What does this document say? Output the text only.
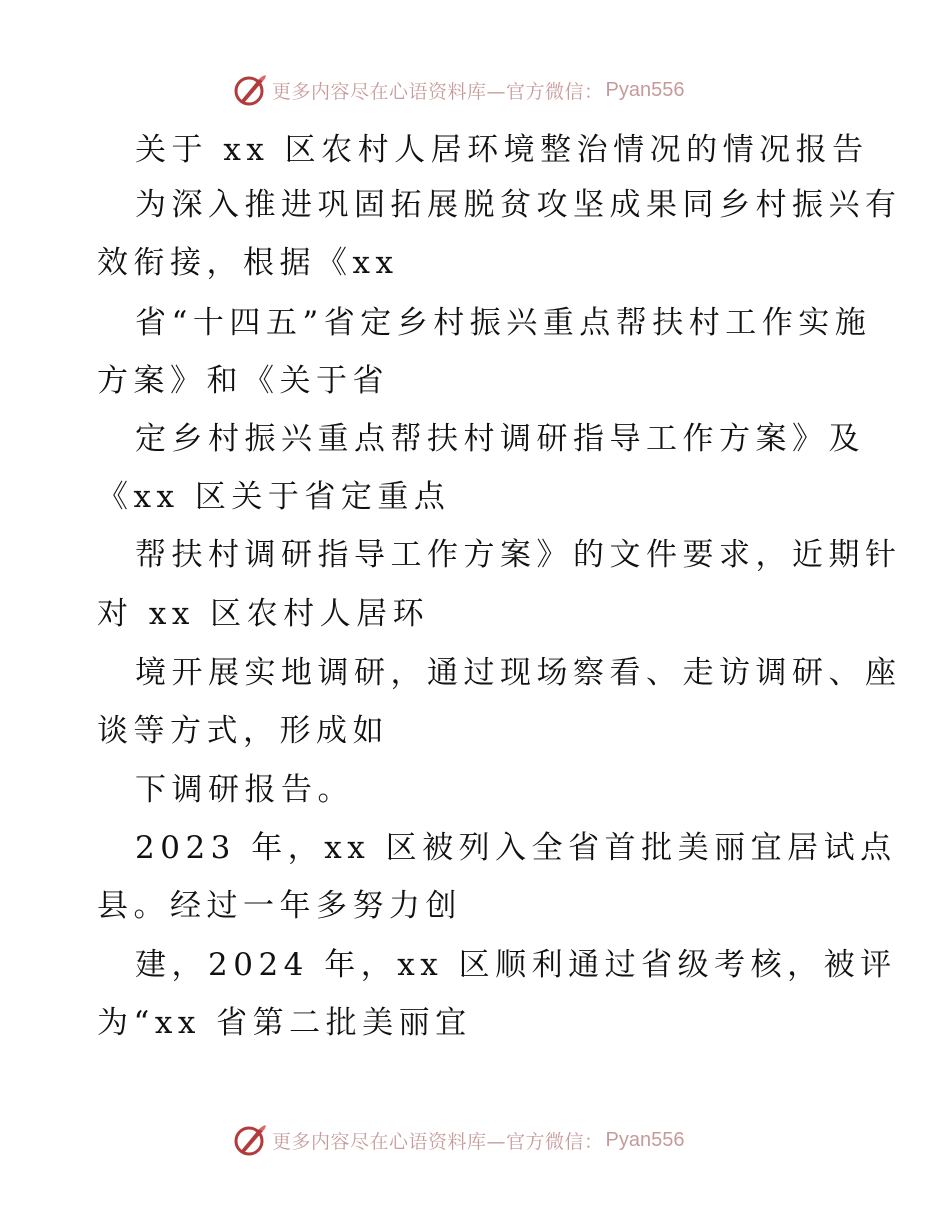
更多内容尽在心语资料库—官方微信： Pyan556
关于 xx 区农村人居环境整治情况的情况报告
为深入推进巩固拓展脱贫攻坚成果同乡村振兴有
效衔接，根据《xx
省“十四五”省定乡村振兴重点帮扶村工作实施
方案》和《关于省
定乡村振兴重点帮扶村调研指导工作方案》及
《xx 区关于省定重点
帮扶村调研指导工作方案》的文件要求，近期针
对 xx 区农村人居环
境开展实地调研，通过现场察看、走访调研、座
谈等方式，形成如
下调研报告。
2023 年，xx 区被列入全省首批美丽宜居试点
县。经过一年多努力创
建，2024 年，xx 区顺利通过省级考核，被评
为“xx 省第二批美丽宜
更多内容尽在心语资料库—官方微信： Pyan556
